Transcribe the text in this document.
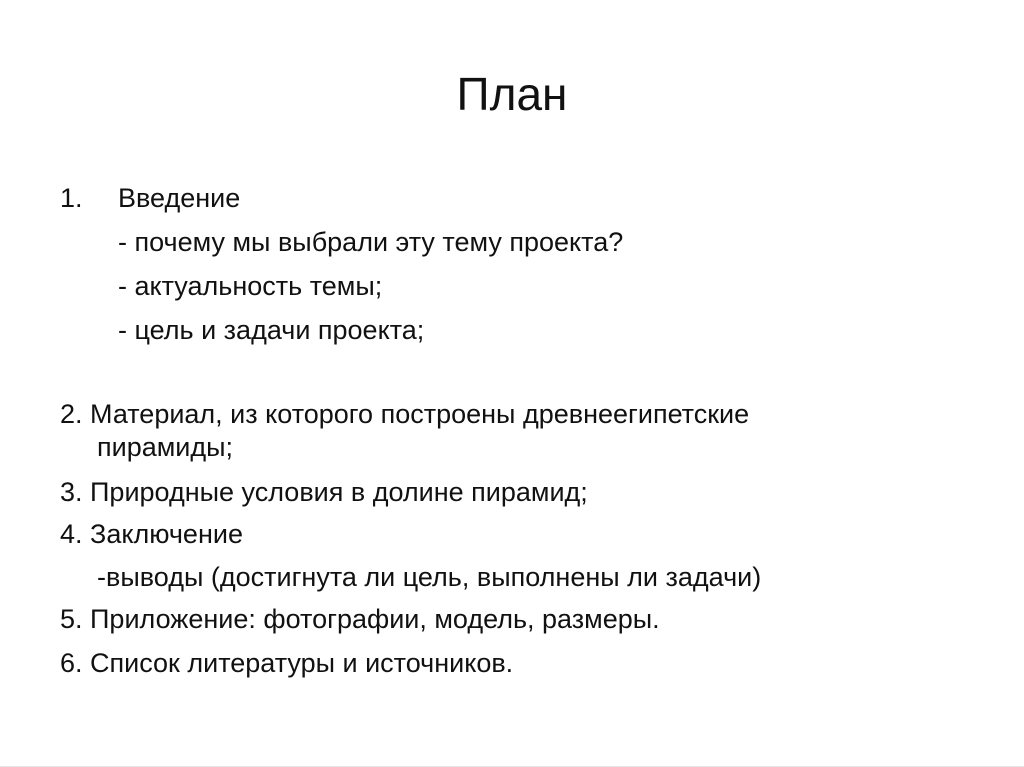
План
1. Введение
- почему мы выбрали эту тему проекта?
- актуальность темы;
- цель и задачи проекта;
2. Материал, из которого построены древнеегипетские
пирамиды;
3. Природные условия в долине пирамид;
4. Заключение
-выводы (достигнута ли цель, выполнены ли задачи)
5. Приложение: фотографии, модель, размеры.
6. Список литературы и источников.
